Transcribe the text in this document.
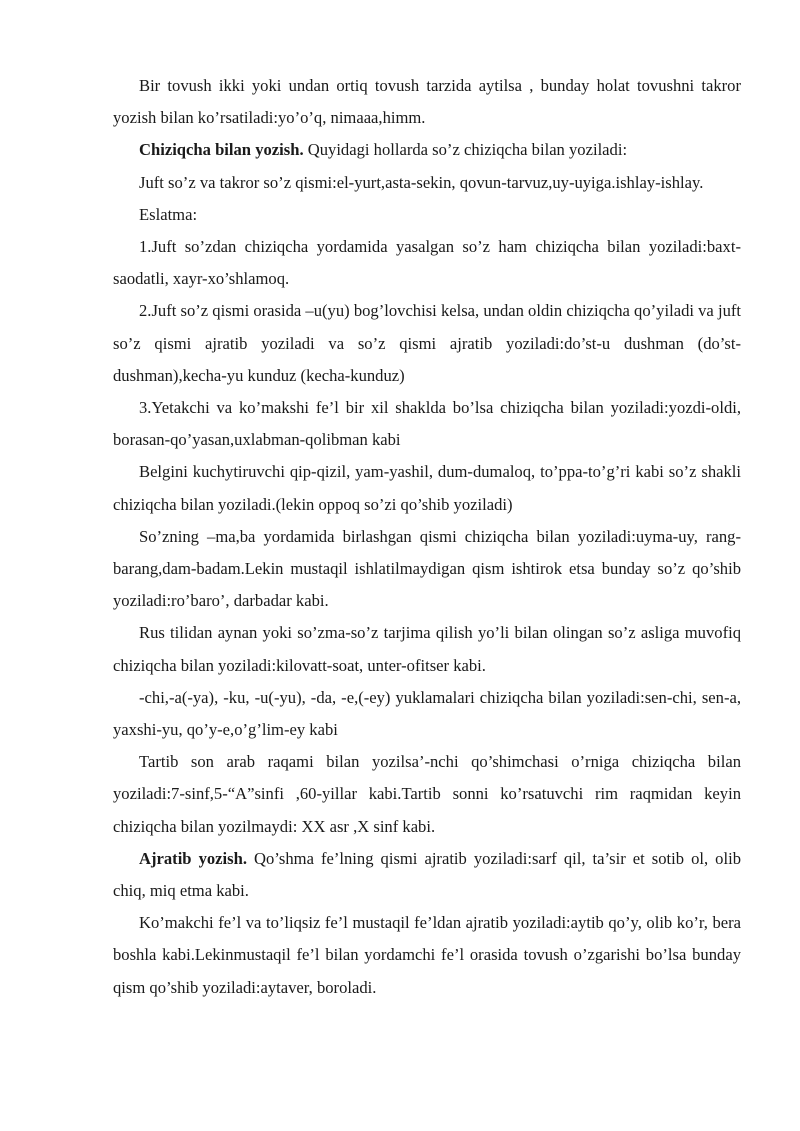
Bir tovush ikki yoki undan ortiq tovush tarzida aytilsa , bunday holat tovushni takror yozish bilan ko’rsatiladi:yo’o’q, nimaaa,himm.

Chiziqcha bilan yozish. Quyidagi hollarda so’z chiziqcha bilan yoziladi:

Juft so’z va takror so’z qismi:el-yurt,asta-sekin, qovun-tarvuz,uy-uyiga.ishlay-ishlay.

Eslatma:

1.Juft so’zdan chiziqcha yordamida yasalgan so’z ham chiziqcha bilan yoziladi:baxt-saodatli, xayr-xo’shlamoq.

2.Juft so’z qismi orasida –u(yu) bog’lovchisi kelsa, undan oldin chiziqcha qo’yiladi va juft so’z qismi ajratib yoziladi va so’z qismi ajratib yoziladi:do’st-u dushman (do’st-dushman),kecha-yu kunduz (kecha-kunduz)

3.Yetakchi va ko’makshi fe’l bir xil shaklda bo’lsa chiziqcha bilan yoziladi:yozdi-oldi, borasan-qo’yasan,uxlabman-qolibman kabi

Belgini kuchytiruvchi qip-qizil, yam-yashil, dum-dumaloq, to’ppa-to’g’ri kabi so’z shakli chiziqcha bilan yoziladi.(lekin oppoq so’zi qo’shib yoziladi)

So’zning –ma,ba yordamida birlashgan qismi chiziqcha bilan yoziladi:uyma-uy, rang-barang,dam-badam.Lekin mustaqil ishlatilmaydigan qism ishtirok etsa bunday so’z qo’shib yoziladi:ro’baro’, darbadar kabi.

Rus tilidan aynan yoki so’zma-so’z tarjima qilish yo’li bilan olingan so’z asliga muvofiq chiziqcha bilan yoziladi:kilovatt-soat, unter-ofitser kabi.

-chi,-a(-ya), -ku, -u(-yu), -da, -e,(-ey) yuklamalari chiziqcha bilan yoziladi:sen-chi, sen-a, yaxshi-yu, qo’y-e,o’g’lim-ey kabi

Tartib son arab raqami bilan yozilsa’-nchi qo’shimchasi o’rniga chiziqcha bilan yoziladi:7-sinf,5-“A”sinfi ,60-yillar kabi.Tartib sonni ko’rsatuvchi rim raqmidan keyin chiziqcha bilan yozilmaydi: XX asr ,X sinf kabi.

Ajratib yozish. Qo’shma fe’lning qismi ajratib yoziladi:sarf qil, ta’sir et sotib ol, olib chiq, miq etma kabi.

Ko’makchi fe’l va to’liqsiz fe’l mustaqil fe’ldan ajratib yoziladi:aytib qo’y, olib ko’r, bera boshla kabi.Lekinmustaqil fe’l bilan yordamchi fe’l orasida tovush o’zgarishi bo’lsa bunday qism qo’shib yoziladi:aytaver, boroladi.
